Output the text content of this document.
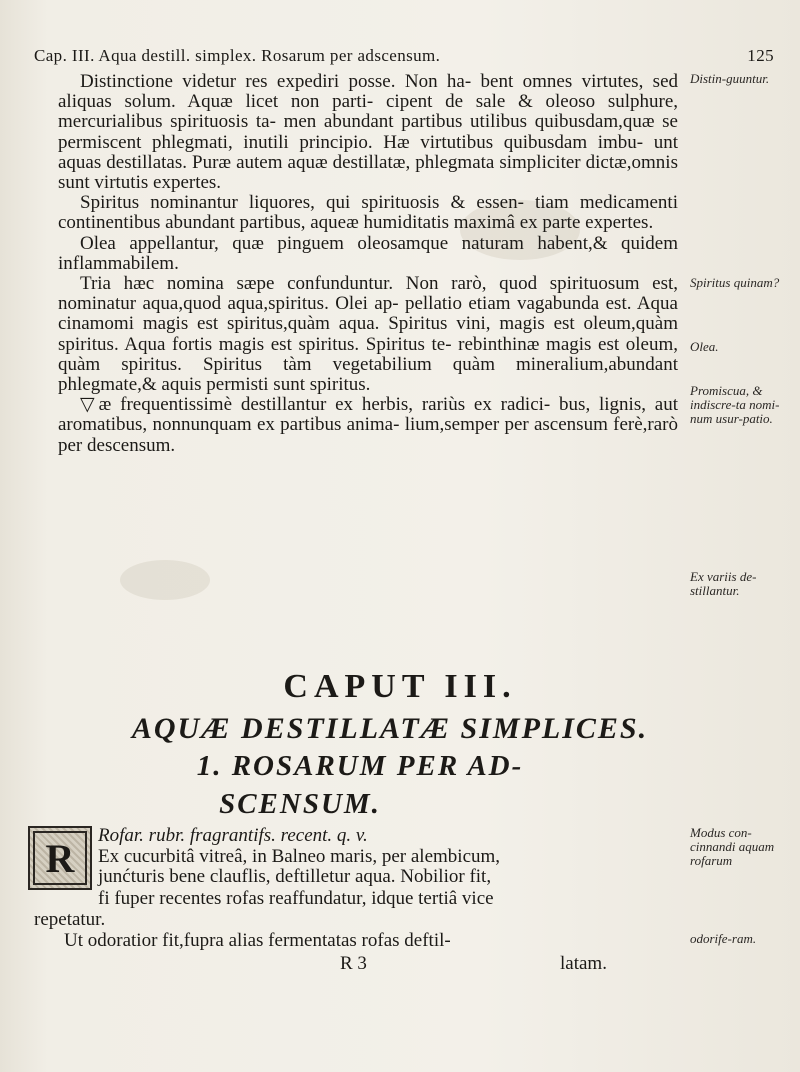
Cap. III. Aqua destill. simplex. Rosarum per adscensum.	125

Distinctione videtur res expediri posse. Non ha- bent omnes virtutes, sed aliquas solum. Aquæ licet non parti- cipent de sale & oleoso sulphure, mercurialibus spirituosis ta- men abundant partibus utilibus quibusdam,quæ se permiscent phlegmati, inutili principio. Hæ virtutibus quibusdam imbu- unt aquas destillatas. Puræ autem aquæ destillatæ, phlegmata simpliciter dictæ,omnis sunt virtutis expertes.

Spiritus nominantur liquores, qui spirituosis & essen- tiam medicamenti continentibus abundant partibus, aqueæ humiditatis maximâ ex parte expertes.

Olea appellantur, quæ pinguem oleosamque naturam habent,& quidem inflammabilem.

Tria hæc nomina sæpe confunduntur. Non rarò, quod spirituosum est, nominatur aqua,quod aqua,spiritus. Olei ap- pellatio etiam vagabunda est. Aqua cinamomi magis est spiritus,quàm aqua. Spiritus vini, magis est oleum,quàm spiritus. Aqua fortis magis est spiritus. Spiritus te- rebinthinæ magis est oleum, quàm spiritus. Spiritus tàm vegetabilium quàm mineralium,abundant phlegmate,& aquis permisti sunt spiritus.

▽æ frequentissimè destillantur ex herbis, rariùs ex radici- bus, lignis, aut aromatibus, nonnunquam ex partibus anima- lium,semper per ascensum ferè,rarò per descensum.

Distin-guuntur.
Spiritus quinam?
Olea.
Promiscua, & indiscre-ta nomi-num usur-patio.
Ex variis de-stillantur.
CAPUT III.
AQUÆ DESTILLATÆ SIMPLICES.
1. ROSARUM PER AD-
SCENSUM.
R

Rofar. rubr. fragrantifs. recent. q. v.

Ex cucurbitâ vitreâ, in Balneo maris, per alembicum,

junćturis bene clauflis, deftilletur aqua. Nobilior fit,

fi fuper recentes rofas reaffundatur, idque tertiâ vice

repetatur.

Ut odoratior fit,fupra alias fermentatas rofas deftil-

Modus con-cinnandi aquam rofarum
odorife-ram.
R 3	latam.
